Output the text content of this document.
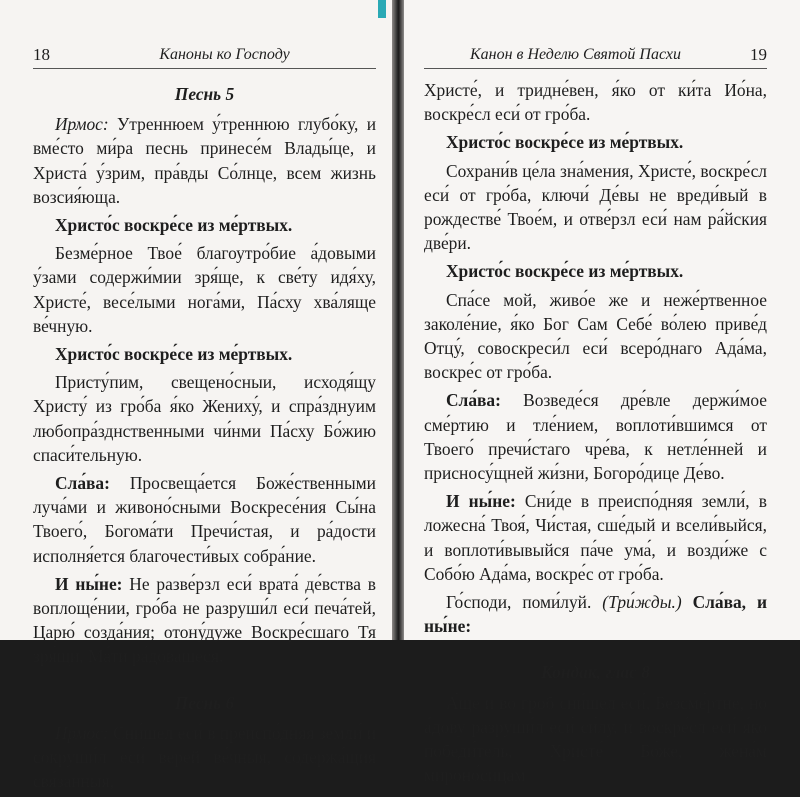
18	Каноны ко Господу

Песнь 5

Ирмос: Утреннюем у́треннюю глубо́ку, и вме́сто ми́ра песнь принесе́м Влады́це, и Христа́ у́зрим, пра́вды Со́лнце, всем жизнь возсия́юща.

Христо́с воскре́се из ме́ртвых.

Безме́рное Твое́ благоутро́бие а́довыми у́зами содержи́мии зря́ще, к све́ту идя́ху, Христе́, весе́лыми нога́ми, Па́сху хва́ляще ве́чную.

Христо́с воскре́се из ме́ртвых.

Присту́пим, свещено́сныи, исходя́щу Христу́ из гро́ба я́ко Жениху́, и спра́зднуим любопра́зднственными чи́нми Па́сху Бо́жию спаси́тельную.

Сла́ва: Просвеща́ется Боже́ственными луча́ми и живоно́сными Воскресе́ния Сы́на Твоего́, Богома́ти Пречи́стая, и ра́дости исполня́ется благочести́вых собра́ние.

И ны́не: Не разве́рзл еси́ врата́ де́вства в воплоще́нии, гро́ба не разруши́л еси́ печа́тей, Царю́ созда́ния; отону́дуже Воскре́сшаго Тя зря́щи, Ма́ти ра́довашеся.

Песнь 6

Ирмос: Сни́шел еси́ в преиспо́дняя земли́ и сокруши́л еси́ верей ве́чныя, содержа́щия свя́занныя,

Канон в Неделю Святой Пасхи	19

Христе́, и тридне́вен, я́ко от ки́та Ио́на, воскре́сл еси́ от гро́ба.

Христо́с воскре́се из ме́ртвых.

Сохрани́в це́ла зна́мения, Христе́, воскре́сл еси́ от гро́ба, ключи́ Де́вы не вреди́вый в рождестве́ Твое́м, и отве́рзл еси́ нам ра́йския две́ри.

Христо́с воскре́се из ме́ртвых.

Спа́се мой, живо́е же и неже́ртвенное заколе́ние, я́ко Бог Сам Себе́ во́лею приве́д Отцу́, совоскреси́л еси́ всеро́днаго Ада́ма, воскре́с от гро́ба.

Сла́ва: Возведе́ся дре́вле держи́мое сме́ртию и тле́нием, воплоти́вшимся от Твоего́ пречи́стаго чре́ва, к нетле́нней и присносу́щней жи́зни, Богоро́дице Де́во.

И ны́не: Сни́де в преиспо́дняя земли́, в ложесна́ Твоя́, Чи́стая, сше́дый и всели́выйся, и воплоти́вывыйся па́че ума́, и возди́же с Собо́ю Ада́ма, воскре́с от гро́ба.

Го́споди, поми́луй. (Три́жды.) Сла́ва, и ны́не:

Кондак, глас 8

А́ще и во гроб сни́шел еси́, Безсме́ртне, но а́дову разруши́л еси́ си́лу, и воскре́сл еси́ я́ко победи́тель, Христе́ Бо́же, жена́м мироно́сицам
